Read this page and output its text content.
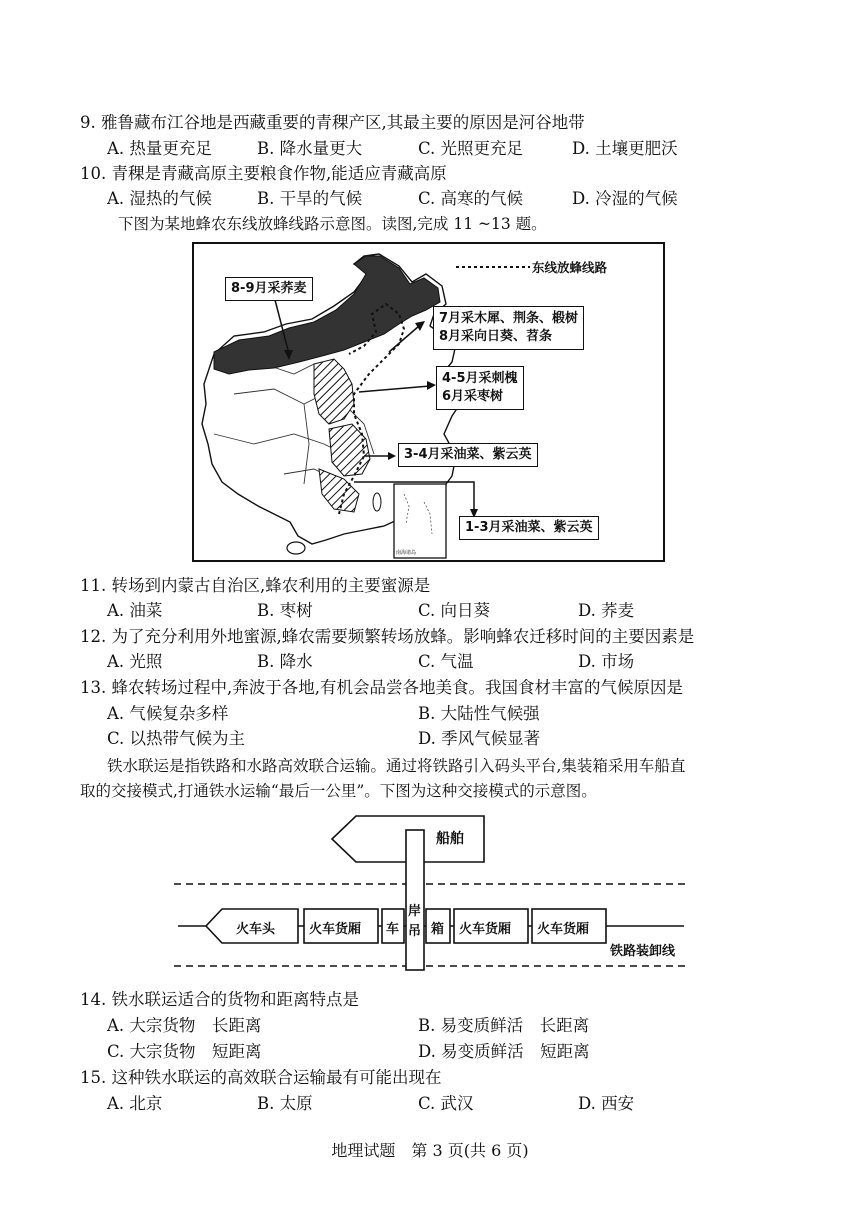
9. 雅鲁藏布江谷地是西藏重要的青稞产区,其最主要的原因是河谷地带
A. 热量更充足	B. 降水量更大	C. 光照更充足	D. 土壤更肥沃
10. 青稞是青藏高原主要粮食作物,能适应青藏高原
A. 湿热的气候	B. 干旱的气候	C. 高寒的气候	D. 冷湿的气候
下图为某地蜂农东线放蜂线路示意图。读图,完成 11 ~13 题。
东线放蜂线路
8-9月采荞麦
7月采木犀、荆条、椴树
8月采向日葵、苕条
4-5月采刺槐
6月采枣树
3-4月采油菜、紫云英
1-3月采油菜、紫云英
南海诸岛
11. 转场到内蒙古自治区,蜂农利用的主要蜜源是
A. 油菜	B. 枣树	C. 向日葵	D. 荞麦
12. 为了充分利用外地蜜源,蜂农需要频繁转场放蜂。影响蜂农迁移时间的主要因素是
A. 光照	B. 降水	C. 气温	D. 市场
13. 蜂农转场过程中,奔波于各地,有机会品尝各地美食。我国食材丰富的气候原因是
A. 气候复杂多样	B. 大陆性气候强
C. 以热带气候为主	D. 季风气候显著
铁水联运是指铁路和水路高效联合运输。通过将铁路引入码头平台,集装箱采用车船直
取的交接模式,打通铁水运输“最后一公里”。下图为这种交接模式的示意图。
船舶
火车头	火车货厢 车
岸
吊 箱 火车货厢 火车货厢
铁路装卸线
14. 铁水联运适合的货物和距离特点是
A. 大宗货物　长距离	B. 易变质鲜活　长距离
C. 大宗货物　短距离	D. 易变质鲜活　短距离
15. 这种铁水联运的高效联合运输最有可能出现在
A. 北京	B. 太原	C. 武汉	D. 西安
地理试题　第 3 页(共 6 页)
